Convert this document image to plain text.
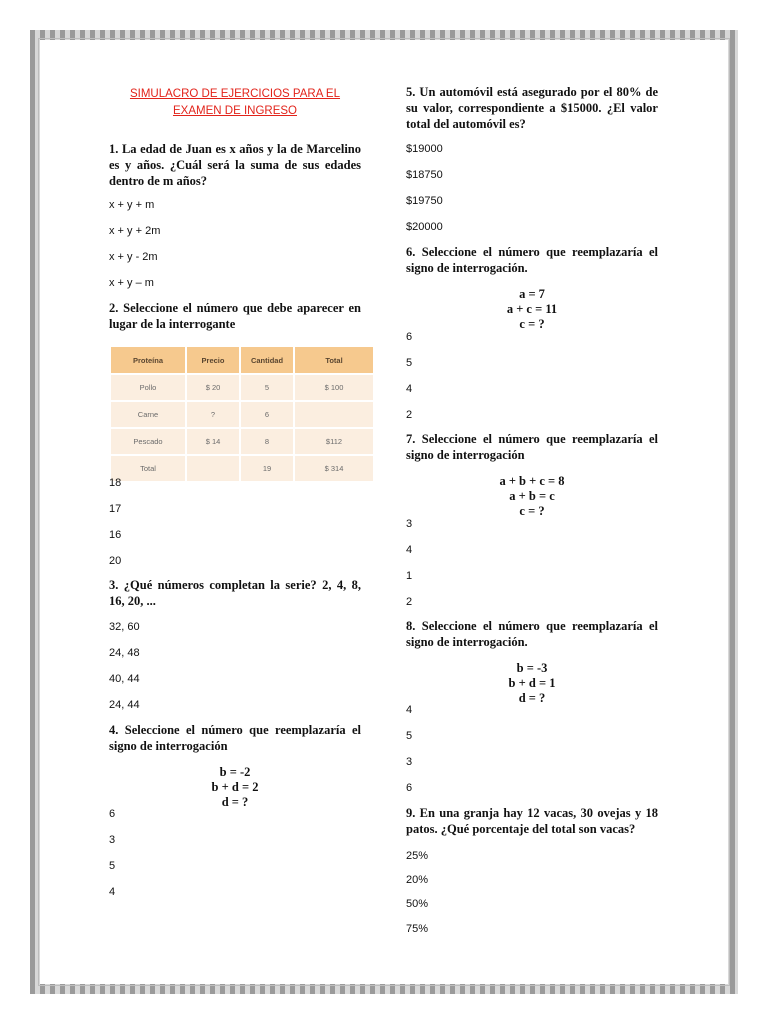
SIMULACRO DE EJERCICIOS PARA EL EXAMEN DE INGRESO

1. La edad de Juan es x años y la de Marcelino es y años. ¿Cuál será la suma de sus edades dentro de m años?

x + y + m

x + y + 2m

x + y - 2m

x + y – m

2. Seleccione el número que debe aparecer en lugar de la interrogante

Proteína	Precio	Cantidad	Total
Pollo	$ 20	5	$ 100
Carne	?	6	
Pescado	$ 14	8	$112
Total		19	$ 314

18

17

16

20

3. ¿Qué números completan la serie? 2, 4, 8, 16, 20, ...

32, 60

24, 48

40, 44

24, 44

4. Seleccione el número que reemplazaría el signo de interrogación

b = -2

b + d = 2

d = ?

6

3

5

4

5. Un automóvil está asegurado por el 80% de su valor, correspondiente a $15000. ¿El valor total del automóvil es?

$19000

$18750

$19750

$20000

6. Seleccione el número que reemplazaría el signo de interrogación.

a = 7

a + c = 11

c = ?

6

5

4

2

7. Seleccione el número que reemplazaría el signo de interrogación

a + b + c = 8

a + b = c

c = ?

3

4

1

2

8. Seleccione el número que reemplazaría el signo de interrogación.

b = -3

b + d = 1

d = ?

4

5

3

6

9. En una granja hay 12 vacas, 30 ovejas y 18 patos. ¿Qué porcentaje del total son vacas?

25%

20%

50%

75%
